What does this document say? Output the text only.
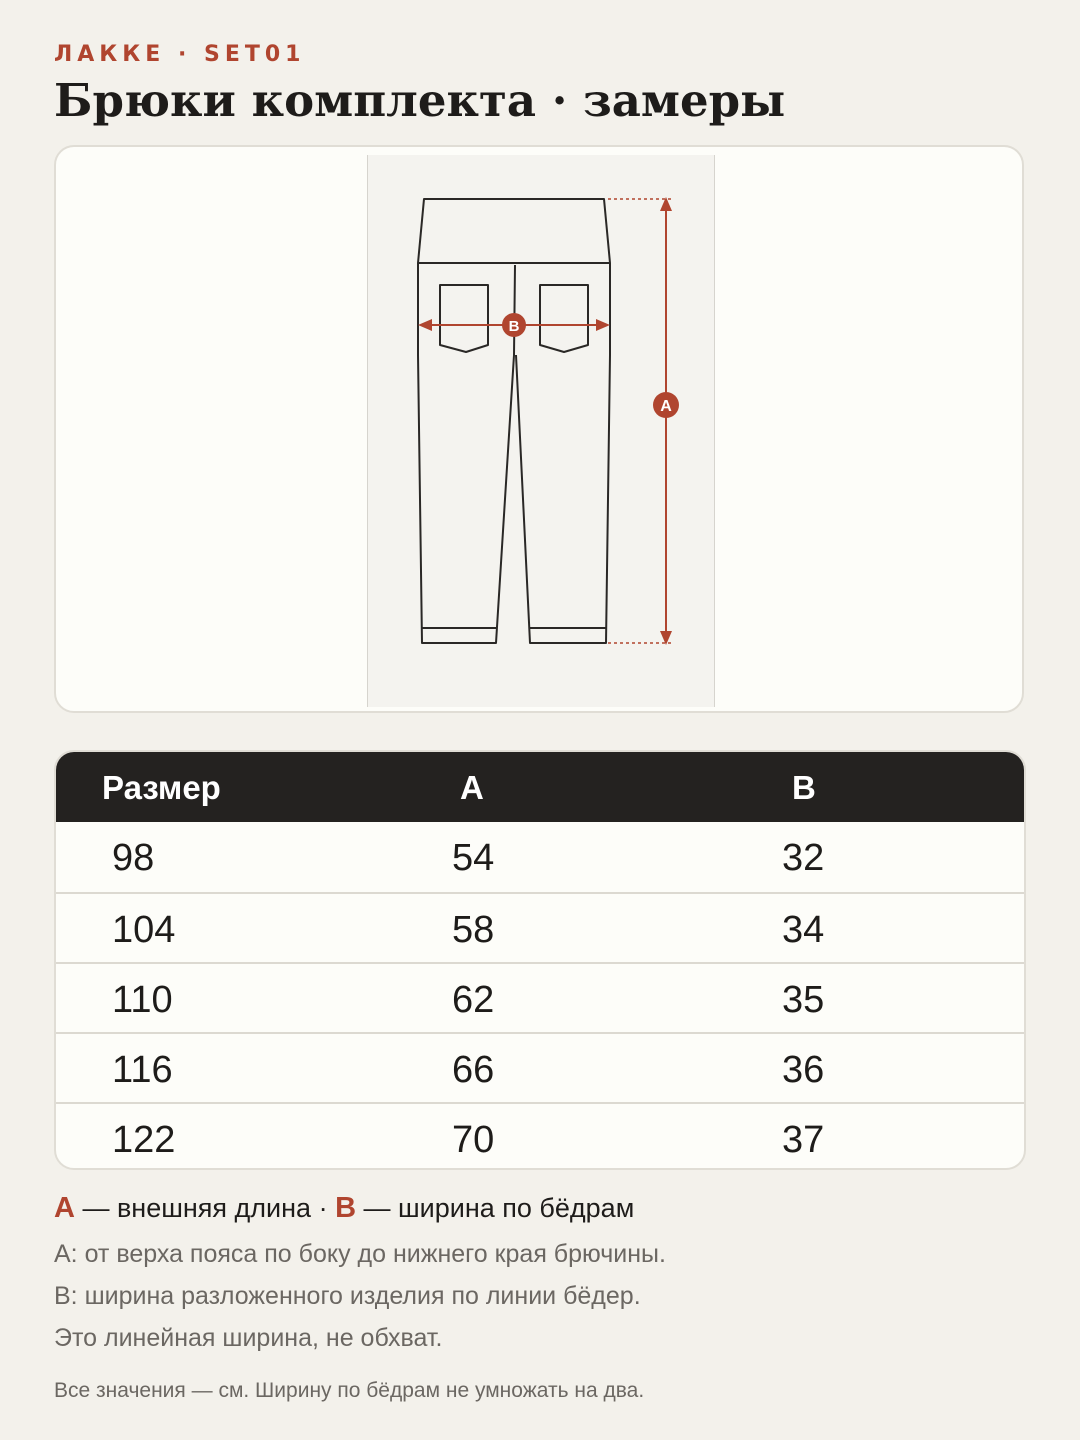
ЛАККЕ · SET01
Брюки комплекта · замеры
A
B
Размер	A	B
98	54	32
104	58	34
110	62	35
116	66	36
122	70	37
A — внешняя длина · B — ширина по бёдрам
A: от верха пояса по боку до нижнего края брючины.
B: ширина разложенного изделия по линии бёдер.
Это линейная ширина, не обхват.
Все значения — см. Ширину по бёдрам не умножать на два.
